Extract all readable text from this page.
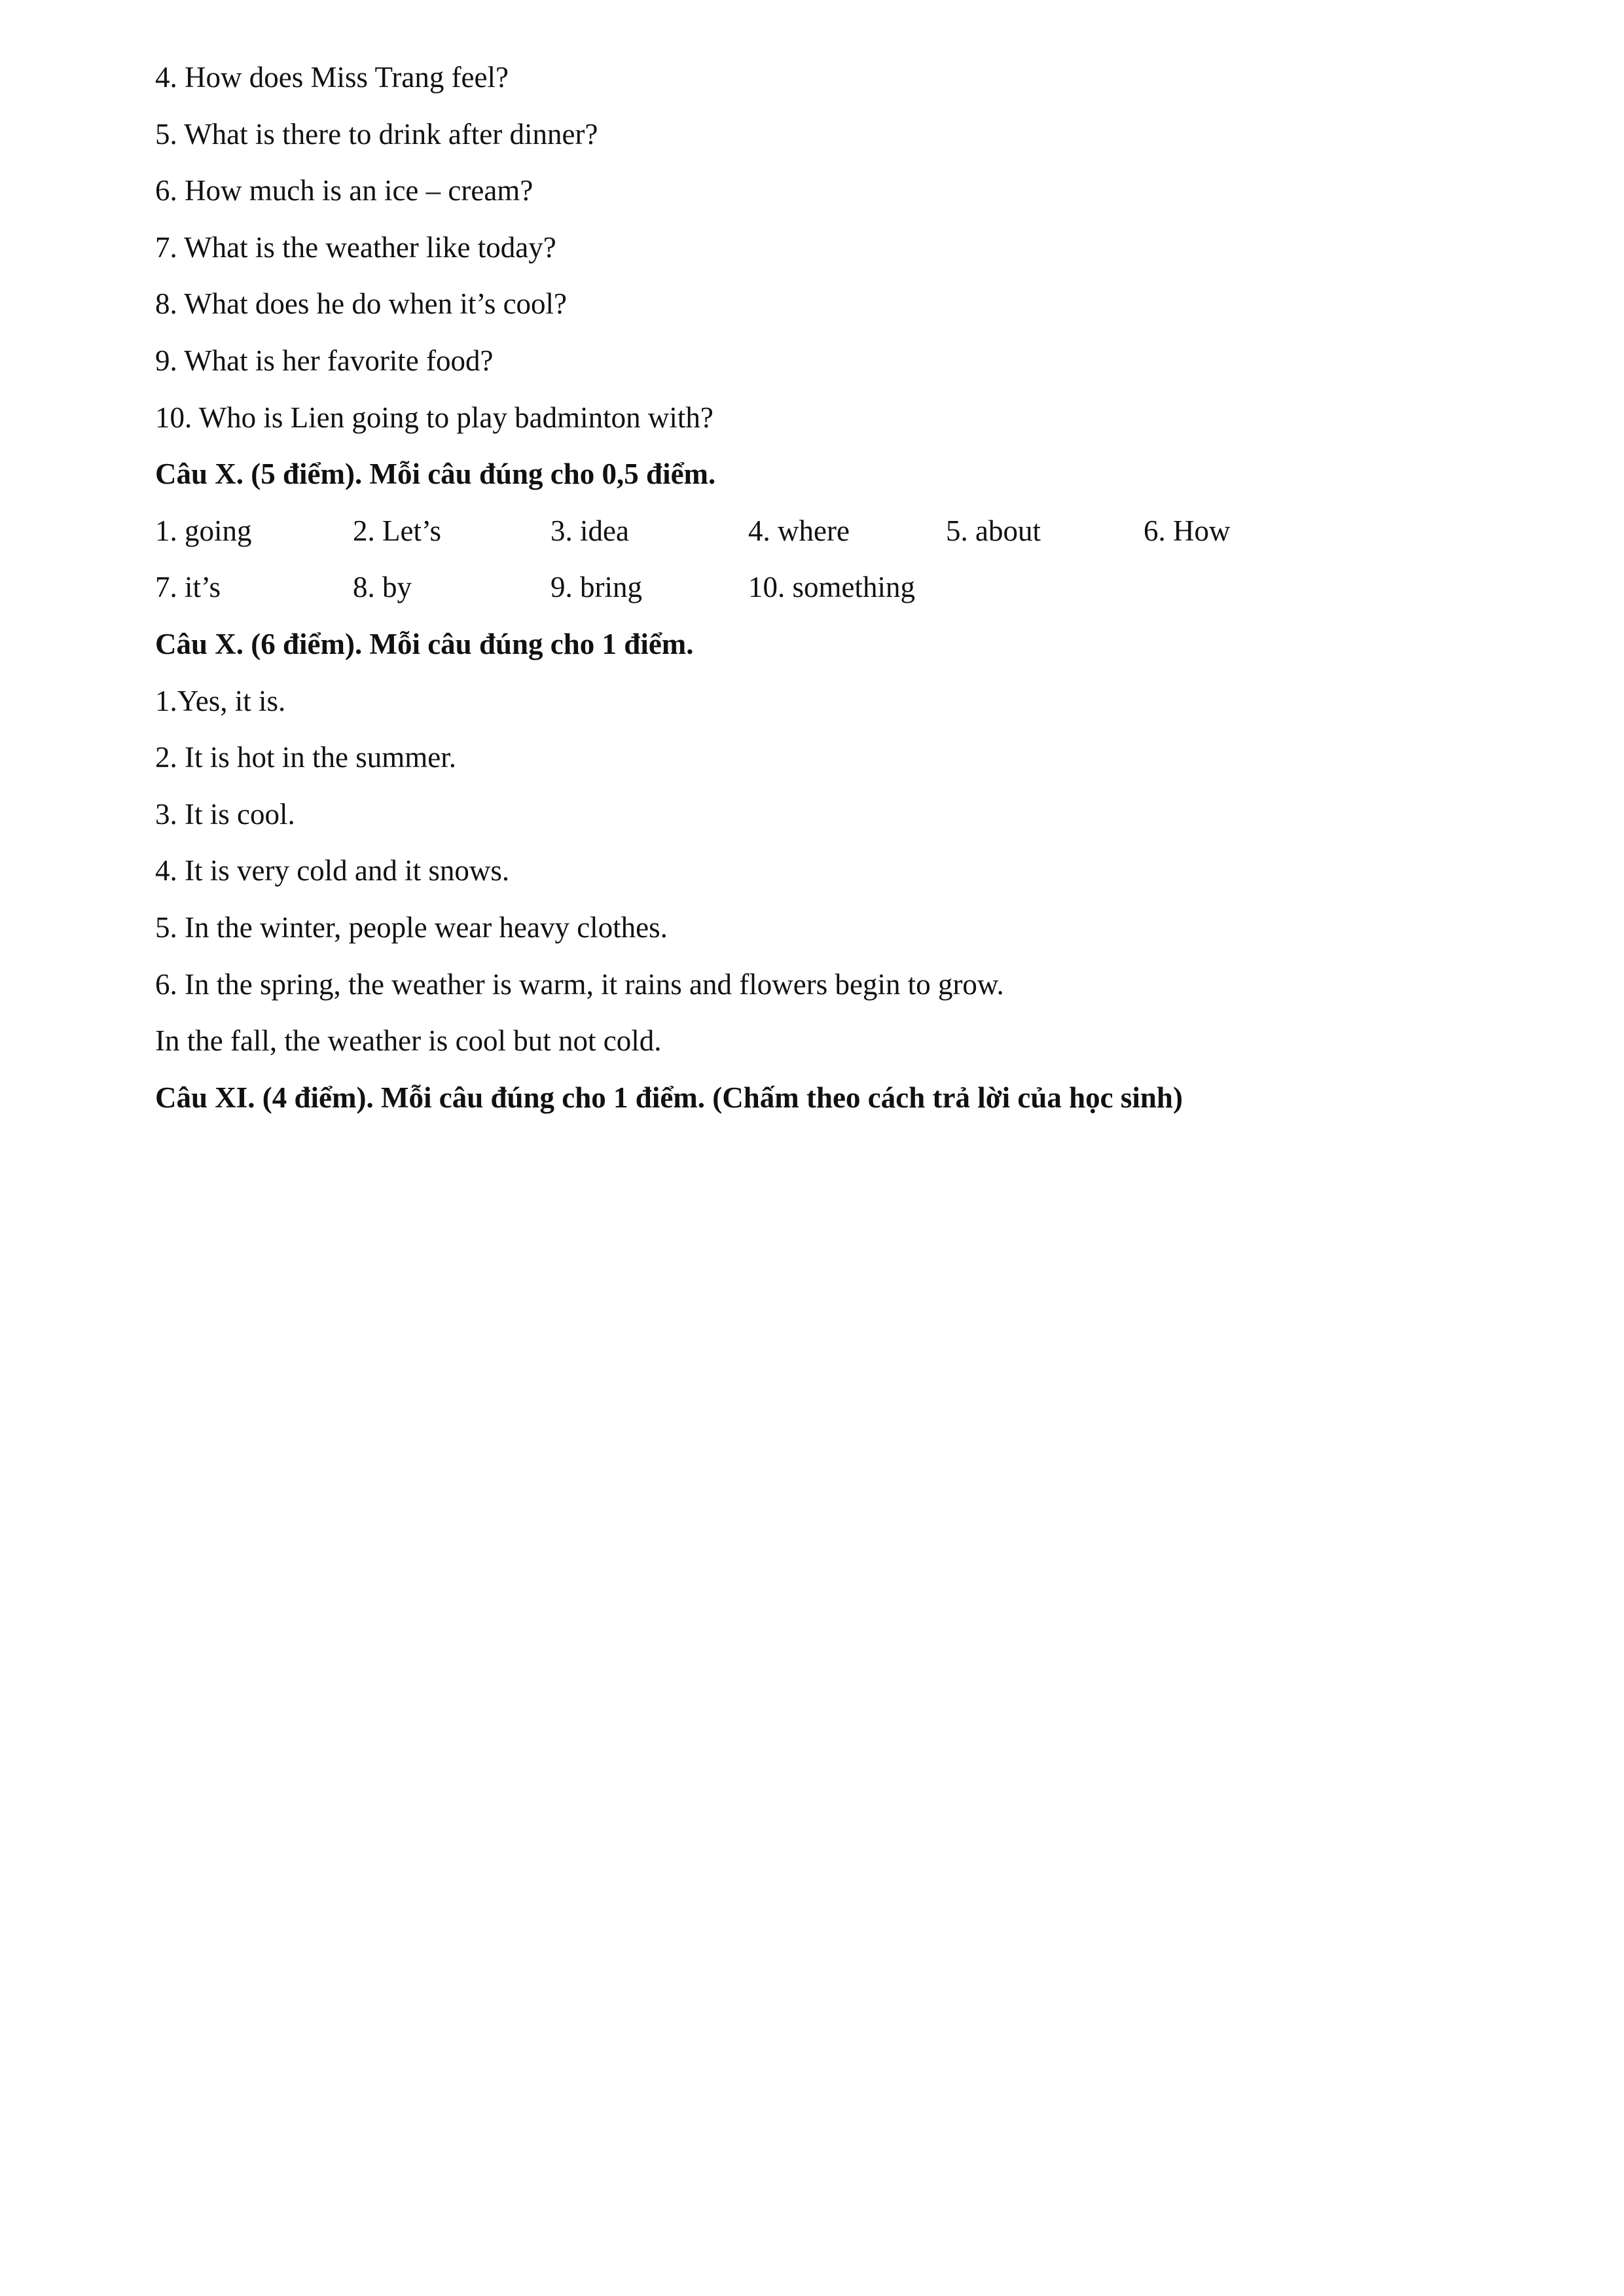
4. How does Miss Trang feel?
5. What is there to drink after dinner?
6. How much is an ice – cream?
7. What is the weather like today?
8. What does he do when it’s cool?
9. What is her favorite food?
10. Who is Lien going to play badminton with?
Câu X. (5 điểm). Mỗi câu đúng cho 0,5 điểm.
1. going	2. Let’s	3. idea	4. where	5. about	6. How
7. it’s	8. by	9. bring	10. something
Câu X. (6 điểm). Mỗi câu đúng cho 1 điểm.
1.Yes, it is.
2. It is hot in the summer.
3. It is cool.
4. It is very cold and it snows.
5. In the winter, people wear heavy clothes.
6. In the spring, the weather is warm, it rains and flowers begin to grow.
In the fall, the weather is cool but not cold.
Câu XI. (4 điểm). Mỗi câu đúng cho 1 điểm. (Chấm theo cách trả lời của học sinh)
